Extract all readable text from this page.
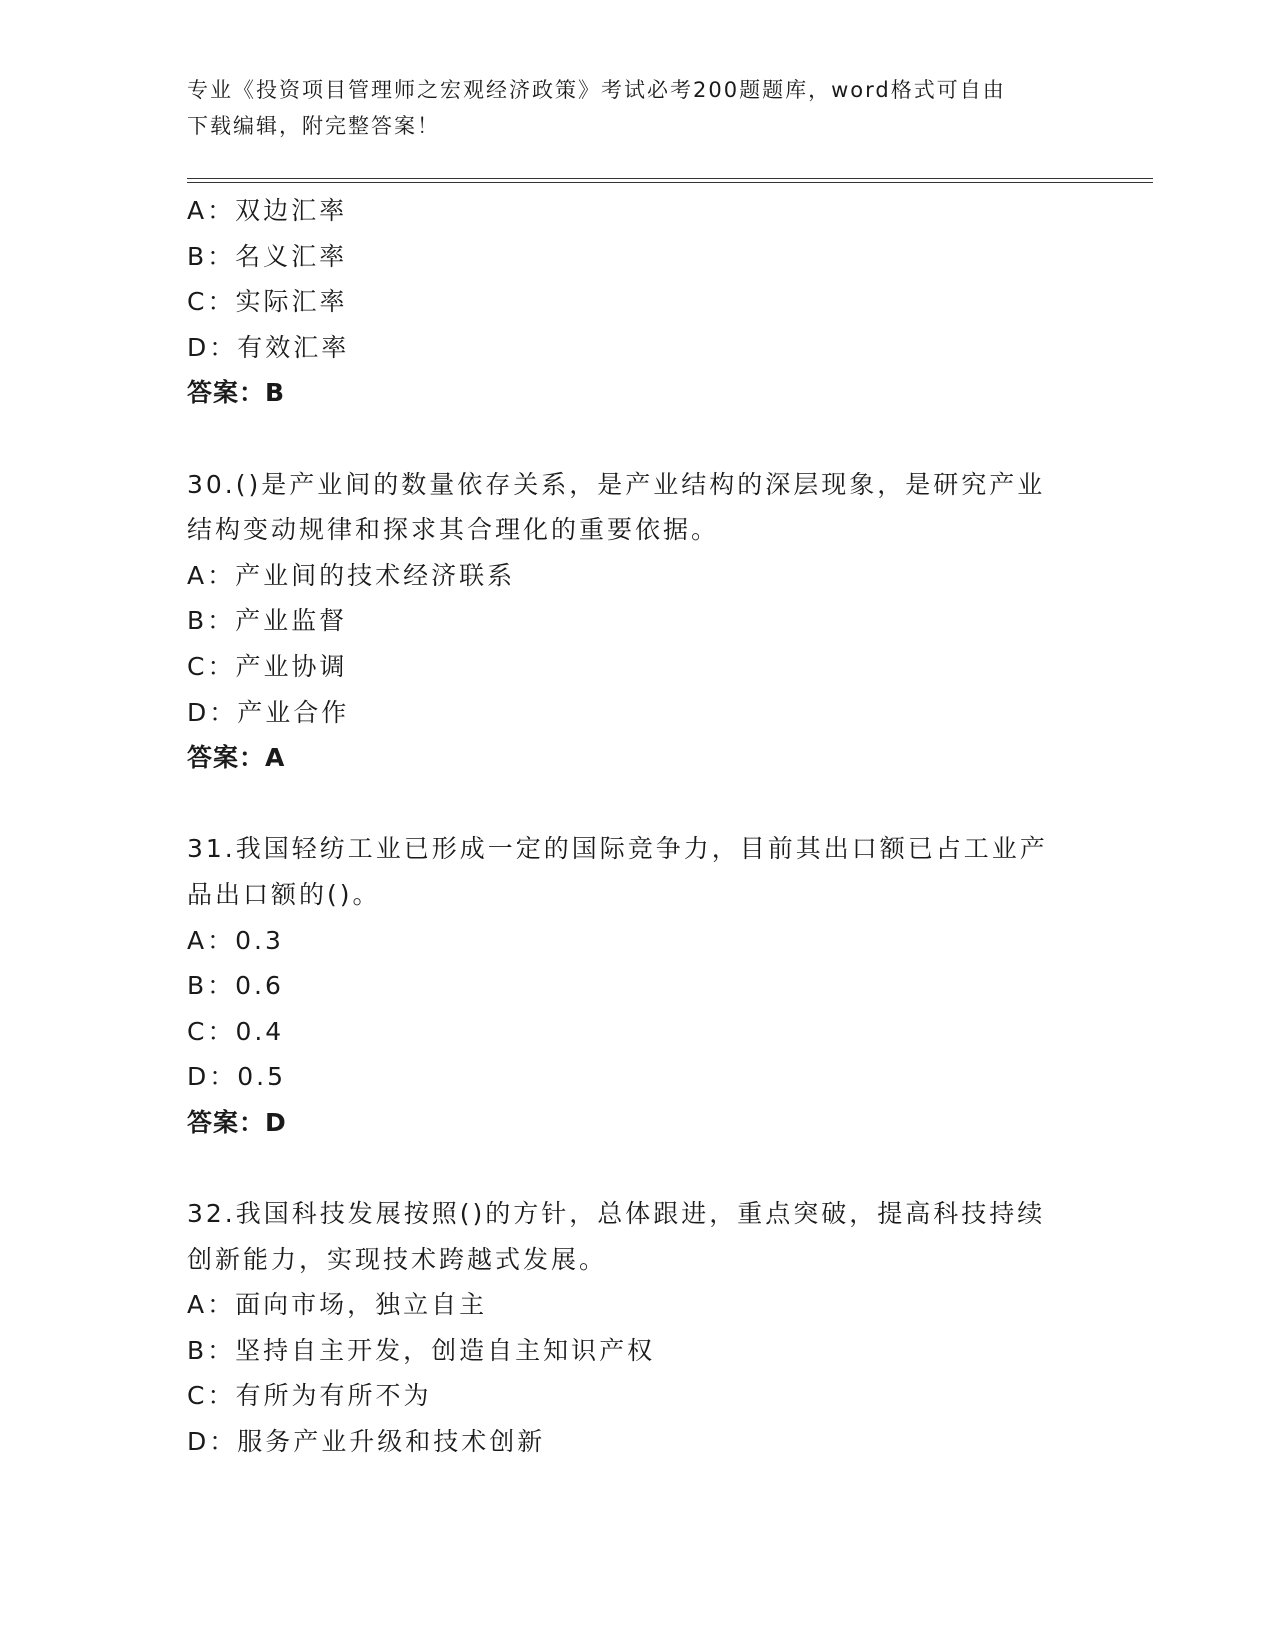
专业《投资项目管理师之宏观经济政策》考试必考200题题库，word格式可自由
下载编辑，附完整答案！
A：双边汇率
B：名义汇率
C：实际汇率
D：有效汇率
答案：B
30.()是产业间的数量依存关系，是产业结构的深层现象，是研究产业
结构变动规律和探求其合理化的重要依据。
A：产业间的技术经济联系
B：产业监督
C：产业协调
D：产业合作
答案：A
31.我国轻纺工业已形成一定的国际竞争力，目前其出口额已占工业产
品出口额的()。
A：0.3
B：0.6
C：0.4
D：0.5
答案：D
32.我国科技发展按照()的方针，总体跟进，重点突破，提高科技持续
创新能力，实现技术跨越式发展。
A：面向市场，独立自主
B：坚持自主开发，创造自主知识产权
C：有所为有所不为
D：服务产业升级和技术创新
